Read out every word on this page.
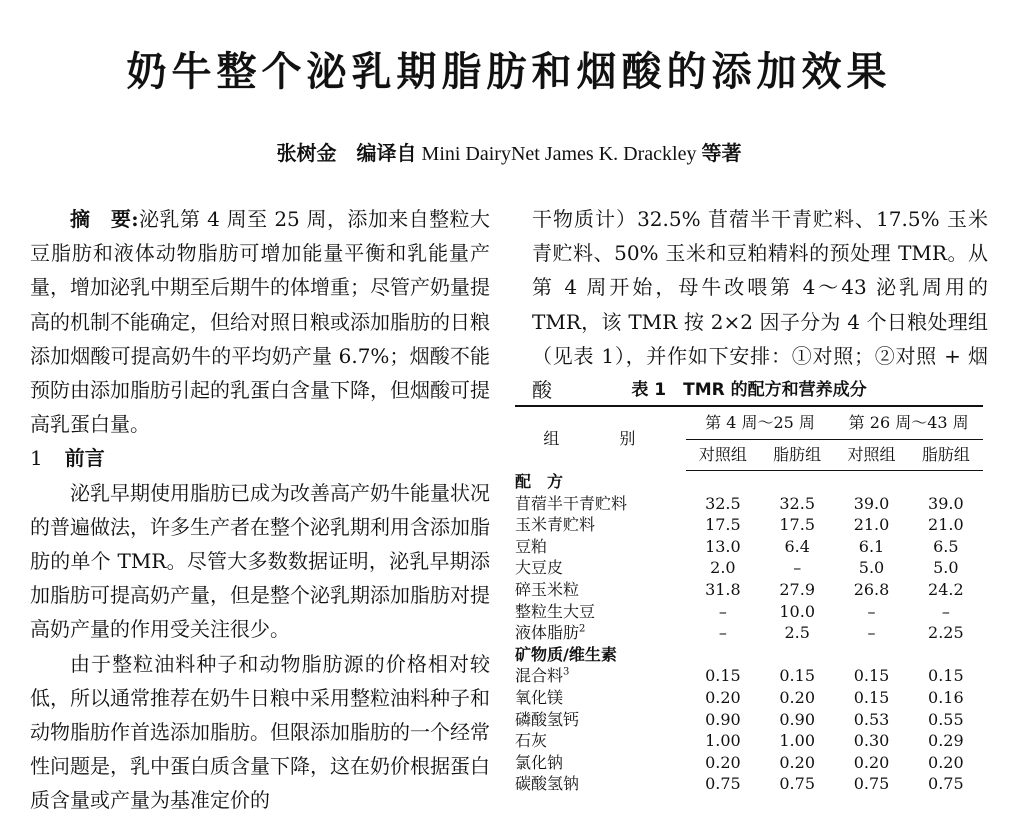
奶牛整个泌乳期脂肪和烟酸的添加效果
张树金 编译自 Mini DairyNet James K. Drackley 等著

摘　要:泌乳第 4 周至 25 周，添加来自整粒大豆脂肪和液体动物脂肪可增加能量平衡和乳能量产量，增加泌乳中期至后期牛的体增重；尽管产奶量提高的机制不能确定，但给对照日粮或添加脂肪的日粮添加烟酸可提高奶牛的平均奶产量 6.7%；烟酸不能预防由添加脂肪引起的乳蛋白含量下降，但烟酸可提高乳蛋白量。

1 前言

泌乳早期使用脂肪已成为改善高产奶牛能量状况的普遍做法，许多生产者在整个泌乳期利用含添加脂肪的单个 TMR。尽管大多数数据证明，泌乳早期添加脂肪可提高奶产量，但是整个泌乳期添加脂肪对提高奶产量的作用受关注很少。

由于整粒油料种子和动物脂肪源的价格相对较低，所以通常推荐在奶牛日粮中采用整粒油料种子和动物脂肪作首选添加脂肪。但限添加脂肪的一个经常性问题是，乳中蛋白质含量下降，这在奶价根据蛋白质含量或产量为基准定价的

干物质计）32.5% 苜蓿半干青贮料、17.5% 玉米青贮料、50% 玉米和豆粕精料的预处理 TMR。从第 4 周开始，母牛改喂第 4～43 泌乳周用的 TMR，该 TMR 按 2×2 因子分为 4 个日粮处理组（见表 1），并作如下安排：①对照；②对照 + 烟酸	表 1　TMR 的配方和营养成分
组　别	第 4 周～25 周		第 26 周～43 周	
	对照组	脂肪组	对照组	脂肪组
配　方				
苜蓿半干青贮料	32.5	32.5	39.0	39.0
玉米青贮料	17.5	17.5	21.0	21.0
豆粕	13.0	6.4	6.1	6.5
大豆皮	2.0	–	5.0	5.0
碎玉米粒	31.8	27.9	26.8	24.2
整粒生大豆	–	10.0	–	–
液体脂肪$^2$	–	2.5	–	2.25
矿物质/维生素				
混合料$^3$	0.15	0.15	0.15	0.15
氧化镁	0.20	0.20	0.15	0.16
磷酸氢钙	0.90	0.90	0.53	0.55
石灰	1.00	1.00	0.30	0.29
氯化钠	0.20	0.20	0.20	0.20
碳酸氢钠	0.75	0.75	0.75	0.75
